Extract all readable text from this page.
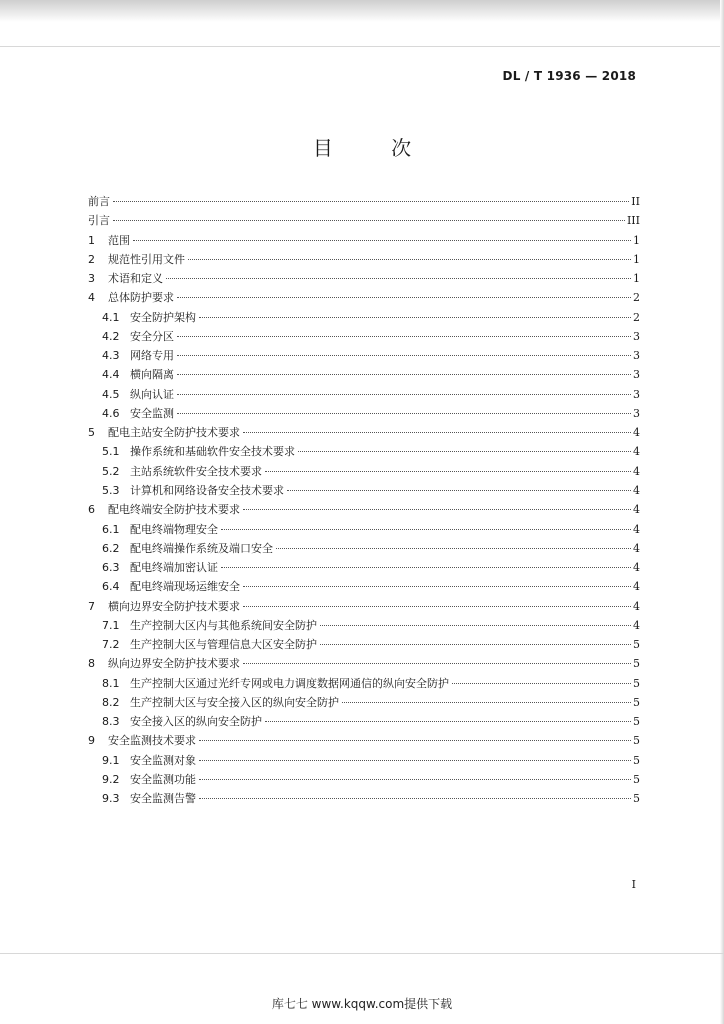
DL / T 1936 — 2018
目 次
前言	II
引言	III
1	范围	1
2	规范性引用文件	1
3	术语和定义	1
4	总体防护要求	2
4.1 安全防护架构	2
4.2 安全分区	3
4.3 网络专用	3
4.4 横向隔离	3
4.5 纵向认证	3
4.6 安全监测	3
5	配电主站安全防护技术要求	4
5.1 操作系统和基础软件安全技术要求	4
5.2 主站系统软件安全技术要求	4
5.3 计算机和网络设备安全技术要求	4
6	配电终端安全防护技术要求	4
6.1 配电终端物理安全	4
6.2 配电终端操作系统及端口安全	4
6.3 配电终端加密认证	4
6.4 配电终端现场运维安全	4
7	横向边界安全防护技术要求	4
7.1 生产控制大区内与其他系统间安全防护	4
7.2 生产控制大区与管理信息大区安全防护	5
8	纵向边界安全防护技术要求	5
8.1 生产控制大区通过光纤专网或电力调度数据网通信的纵向安全防护	5
8.2 生产控制大区与安全接入区的纵向安全防护	5
8.3 安全接入区的纵向安全防护	5
9	安全监测技术要求	5
9.1 安全监测对象	5
9.2 安全监测功能	5
9.3 安全监测告警	5
I
库七七 www.kqqw.com提供下载
